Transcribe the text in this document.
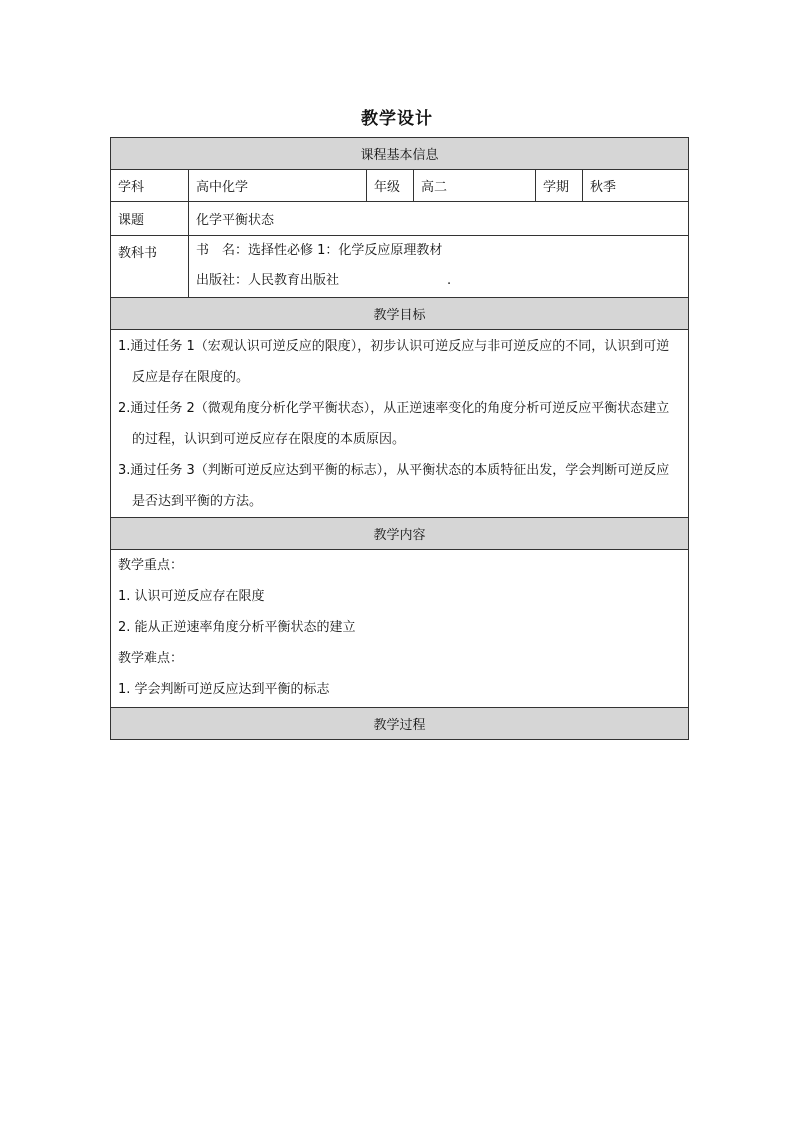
教学设计
课程基本信息					
学科	高中化学	年级	高二	学期	秋季
课题	化学平衡状态				
教科书	书　名：选择性必修 1：化学反应原理教材
出版社：人民教育出版社 .				

教学目标					

1.通过任务 1（宏观认识可逆反应的限度），初步认识可逆反应与非可逆反应的不同，认识到可逆反应是存在限度的。
2.通过任务 2（微观角度分析化学平衡状态），从正逆速率变化的角度分析可逆反应平衡状态建立的过程，认识到可逆反应存在限度的本质原因。
3.通过任务 3（判断可逆反应达到平衡的标志），从平衡状态的本质特征出发，学会判断可逆反应是否达到平衡的方法。					

教学内容					

教学重点：
1. 认识可逆反应存在限度
2. 能从正逆速率角度分析平衡状态的建立
教学难点：
1. 学会判断可逆反应达到平衡的标志					

教学过程					
